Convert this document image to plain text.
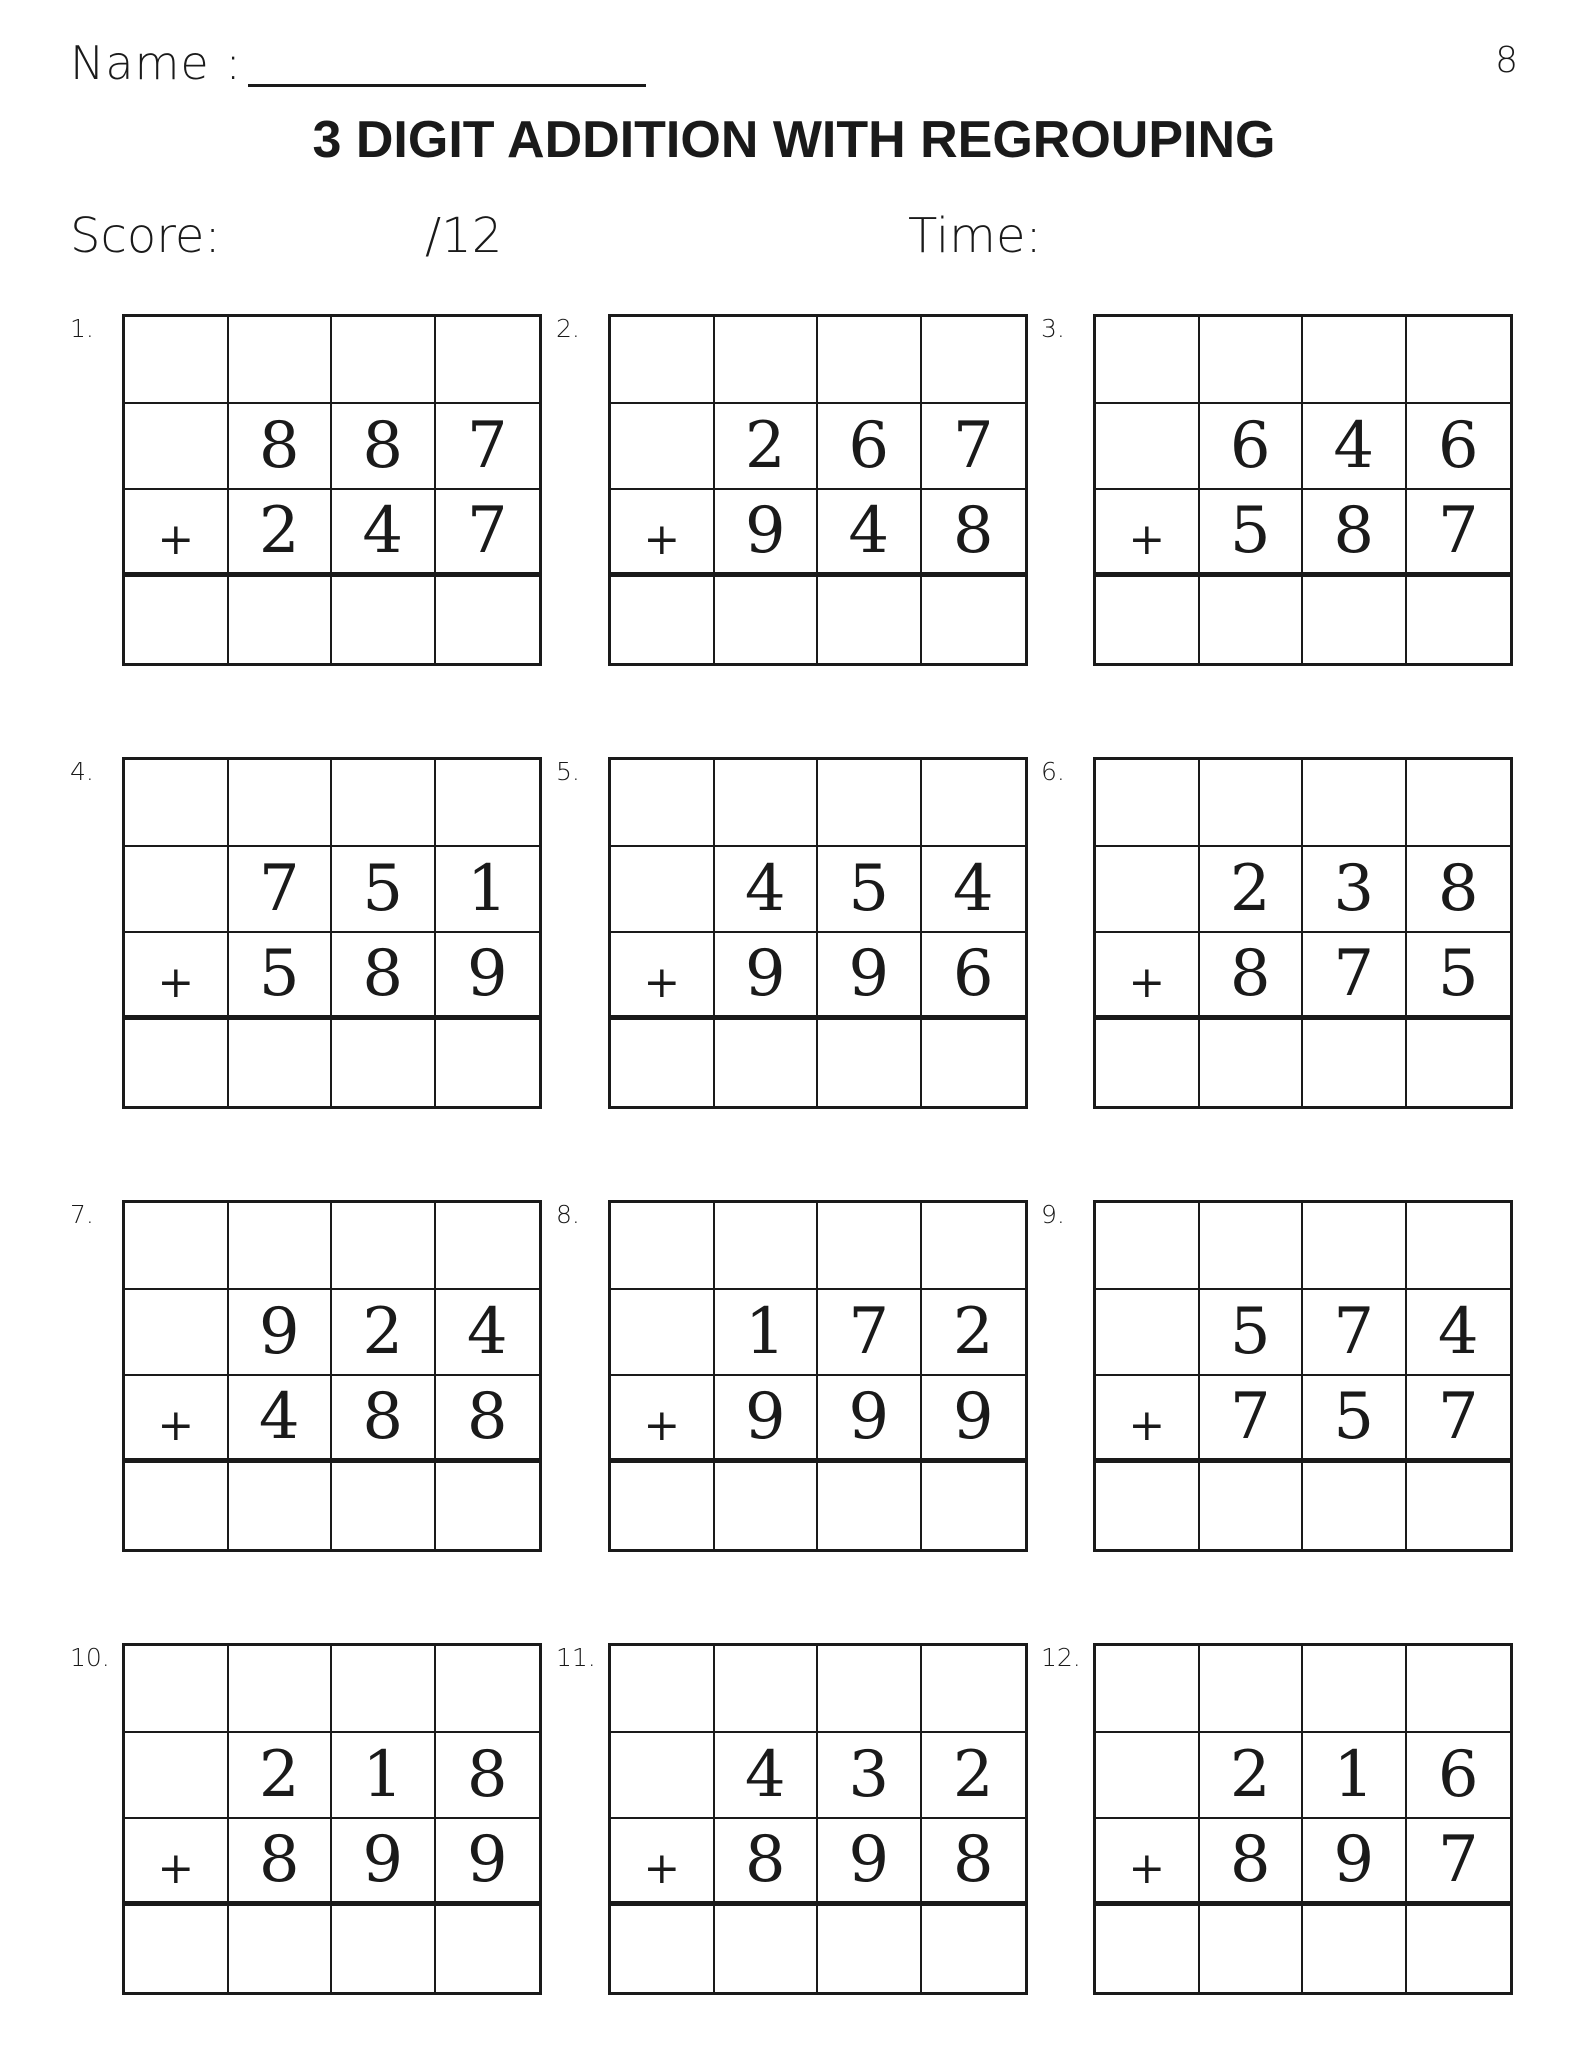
Name :	8
3 DIGIT ADDITION WITH REGROUPING
Score:	/12	Time:
1.
8 8 7
+	2 4 7
2.
2 6 7
+	9 4 8
3.
6 4 6
+	5 8 7
4.
7 5 1
+	5 8 9
5.
4 5 4
+	9 9 6
6.
2 3 8
+	8 7 5
7.
9 2 4
+	4 8 8
8.
1 7 2
+	9 9 9
9.
5 7 4
+	7 5 7
10.
2 1 8
+	8 9 9
11.
4 3 2
+	8 9 8
12.
2 1 6
+	8 9 7
